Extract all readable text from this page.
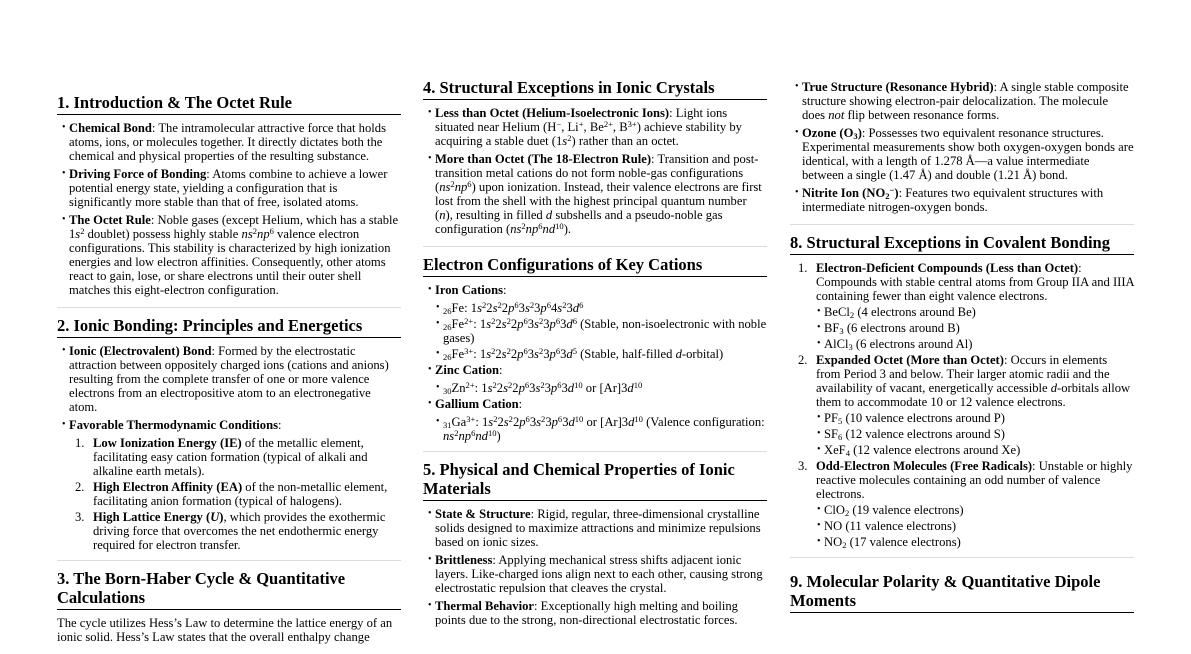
1. Introduction & The Octet Rule
• Chemical Bond: The intramolecular attractive force that holds atoms, ions, or molecules together. It directly dictates both the chemical and physical properties of the resulting substance.
• Driving Force of Bonding: Atoms combine to achieve a lower potential energy state, yielding a configuration that is significantly more stable than that of free, isolated atoms.
• The Octet Rule: Noble gases (except Helium, which has a stable $1s^2$ doublet) possess highly stable $ns^2np^6$ valence electron configurations. This stability is characterized by high ionization energies and low electron affinities. Consequently, other atoms react to gain, lose, or share electrons until their outer shell matches this eight-electron configuration.
2. Ionic Bonding: Principles and Energetics
• Ionic (Electrovalent) Bond: Formed by the electrostatic attraction between oppositely charged ions (cations and anions) resulting from the complete transfer of one or more valence electrons from an electropositive atom to an electronegative atom.
• Favorable Thermodynamic Conditions:
1. Low Ionization Energy (IE) of the metallic element, facilitating easy cation formation (typical of alkali and alkaline earth metals).
2. High Electron Affinity (EA) of the non-metallic element, facilitating anion formation (typical of halogens).
3. High Lattice Energy (U), which provides the exothermic driving force that overcomes the net endothermic energy required for electron transfer.
3. The Born-Haber Cycle & Quantitative Calculations

The cycle utilizes Hess’s Law to determine the lattice energy of an ionic solid. Hess’s Law states that the overall enthalpy change

4. Structural Exceptions in Ionic Crystals
• Less than Octet (Helium-Isoelectronic Ions): Light ions situated near Helium (H−, Li+, $Be^{2+}$, $B^{3+}$) achieve stability by acquiring a stable duet $(1s^2)$ rather than an octet.
• More than Octet (The 18-Electron Rule): Transition and post-transition metal cations do not form noble-gas configurations $(ns^2np^6)$ upon ionization. Instead, their valence electrons are first lost from the shell with the highest principal quantum number (n), resulting in filled d subshells and a pseudo-noble gas configuration $(ns^2np^6nd^{10})$.
Electron Configurations of Key Cations
• Iron Cations:
• $_{26}$Fe: $1s^22s^22p^63s^23p^64s^23d^6$
• $_{26}Fe^{2+}$: $1s^22s^22p^63s^23p^63d^6$ (Stable, non-isoelectronic with noble gases)
• $_{26}Fe^{3+}$: $1s^22s^22p^63s^23p^63d^5$ (Stable, half-filled d-orbital)
• Zinc Cation:
• $_{30}Zn^{2+}$: $1s^22s^22p^63s^23p^63d^{10}$ or $[Ar]3d^{10}$
• Gallium Cation:
• $_{31}Ga^{3+}$: $1s^22s^22p^63s^23p^63d^{10}$ or $[Ar]3d^{10}$ (Valence configuration: $ns^2np^6nd^{10}$)
5. Physical and Chemical Properties of Ionic Materials
• State & Structure: Rigid, regular, three-dimensional crystalline solids designed to maximize attractions and minimize repulsions based on ionic sizes.
• Brittleness: Applying mechanical stress shifts adjacent ionic layers. Like-charged ions align next to each other, causing strong electrostatic repulsion that cleaves the crystal.
• Thermal Behavior: Exceptionally high melting and boiling points due to the strong, non-directional electrostatic forces.
• True Structure (Resonance Hybrid): A single stable composite structure showing electron-pair delocalization. The molecule does not flip between resonance forms.
• Ozone $(O_3)$: Possesses two equivalent resonance structures. Experimental measurements show both oxygen-oxygen bonds are identical, with a length of 1.278 Å—a value intermediate between a single (1.47 Å) and double (1.21 Å) bond.
• Nitrite Ion $(NO_2^-)$: Features two equivalent structures with intermediate nitrogen-oxygen bonds.
8. Structural Exceptions in Covalent Bonding
1. Electron-Deficient Compounds (Less than Octet): Compounds with stable central atoms from Group IIA and IIIA containing fewer than eight valence electrons.
• BeCl$_2$ (4 electrons around Be)
• $BF_3$ (6 electrons around B)
• AlCl$_3$ (6 electrons around Al)
2. Expanded Octet (More than Octet): Occurs in elements from Period 3 and below. Their larger atomic radii and the availability of vacant, energetically accessible d-orbitals allow them to accommodate 10 or 12 valence electrons.
• $PF_5$ (10 valence electrons around P)
• $SF_6$ (12 valence electrons around S)
• XeF$_4$ (12 valence electrons around Xe)
3. Odd-Electron Molecules (Free Radicals): Unstable or highly reactive molecules containing an odd number of valence electrons.
• ClO$_2$ (19 valence electrons)
• NO (11 valence electrons)
• $NO_2$ (17 valence electrons)
9. Molecular Polarity & Quantitative Dipole Moments
